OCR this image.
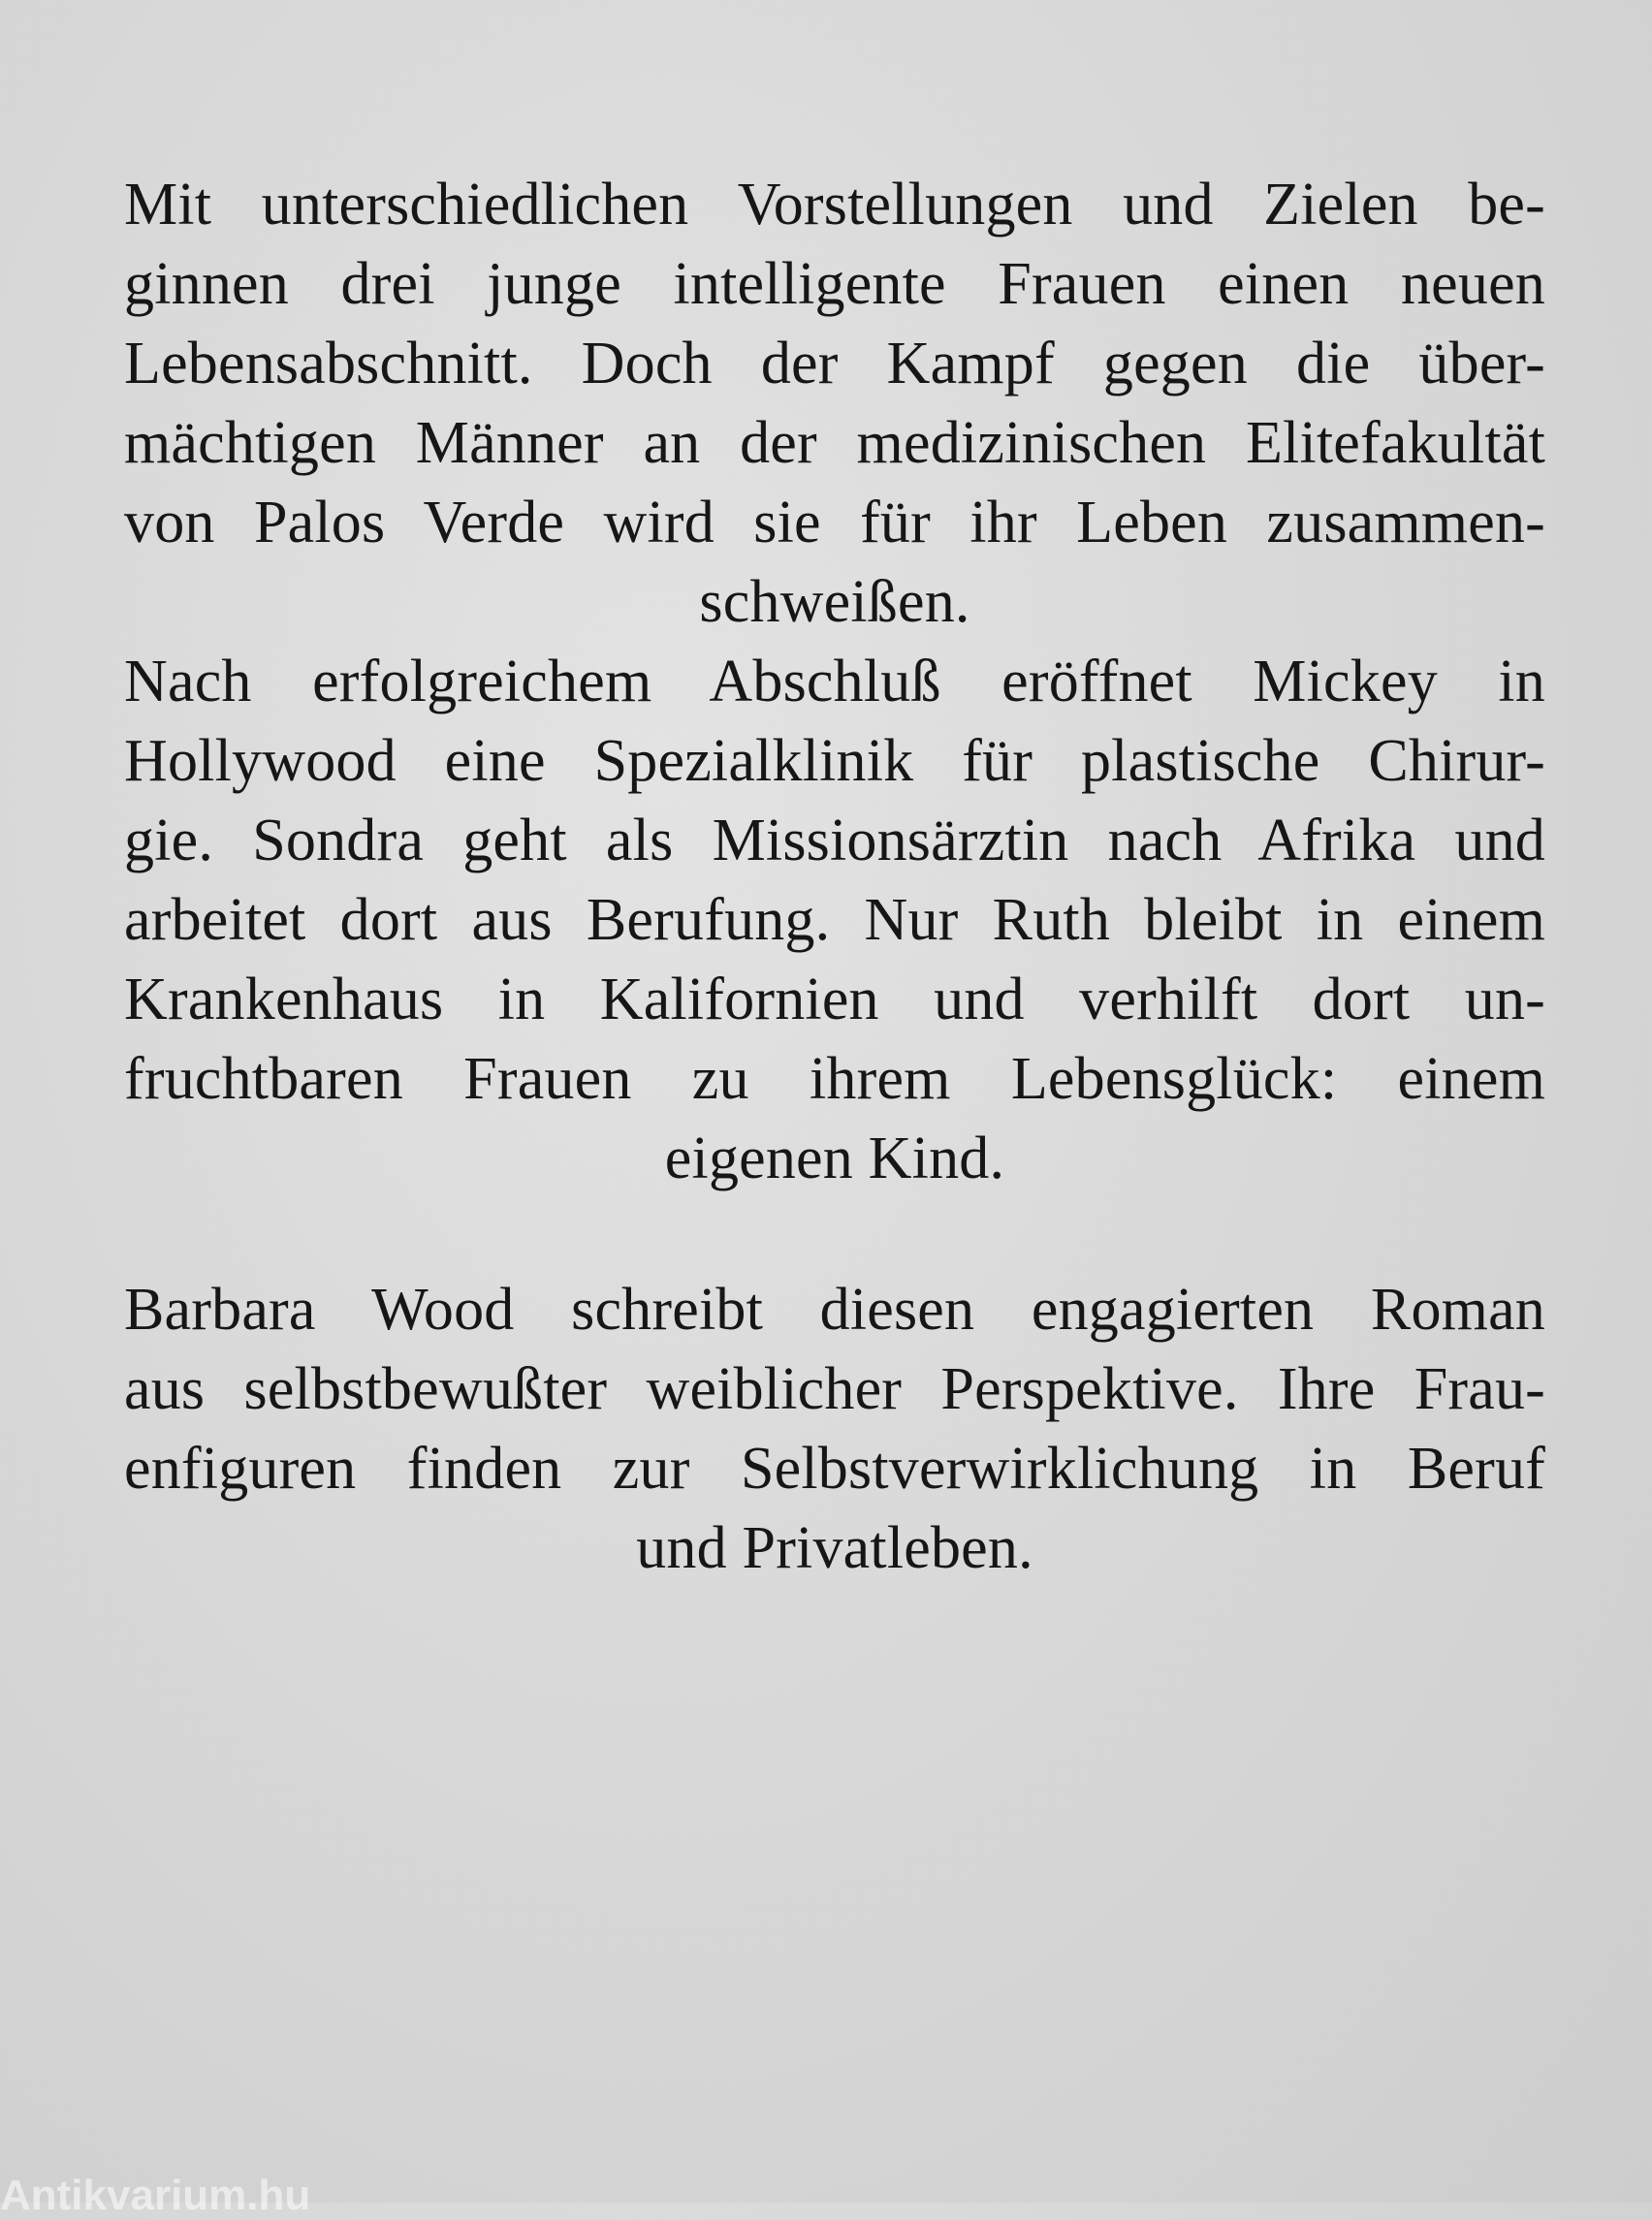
Mit unterschiedlichen Vorstellungen und Zielen be-
ginnen drei junge intelligente Frauen einen neuen
Lebensabschnitt. Doch der Kampf gegen die über-
mächtigen Männer an der medizinischen Elitefakultät
von Palos Verde wird sie für ihr Leben zusammen-
schweißen.
Nach erfolgreichem Abschluß eröffnet Mickey in
Hollywood eine Spezialklinik für plastische Chirur-
gie. Sondra geht als Missionsärztin nach Afrika und
arbeitet dort aus Berufung. Nur Ruth bleibt in einem
Krankenhaus in Kalifornien und verhilft dort un-
fruchtbaren Frauen zu ihrem Lebensglück: einem
eigenen Kind.
Barbara Wood schreibt diesen engagierten Roman
aus selbstbewußter weiblicher Perspektive. Ihre Frau-
enfiguren finden zur Selbstverwirklichung in Beruf
und Privatleben.
Antikvarium.hu
